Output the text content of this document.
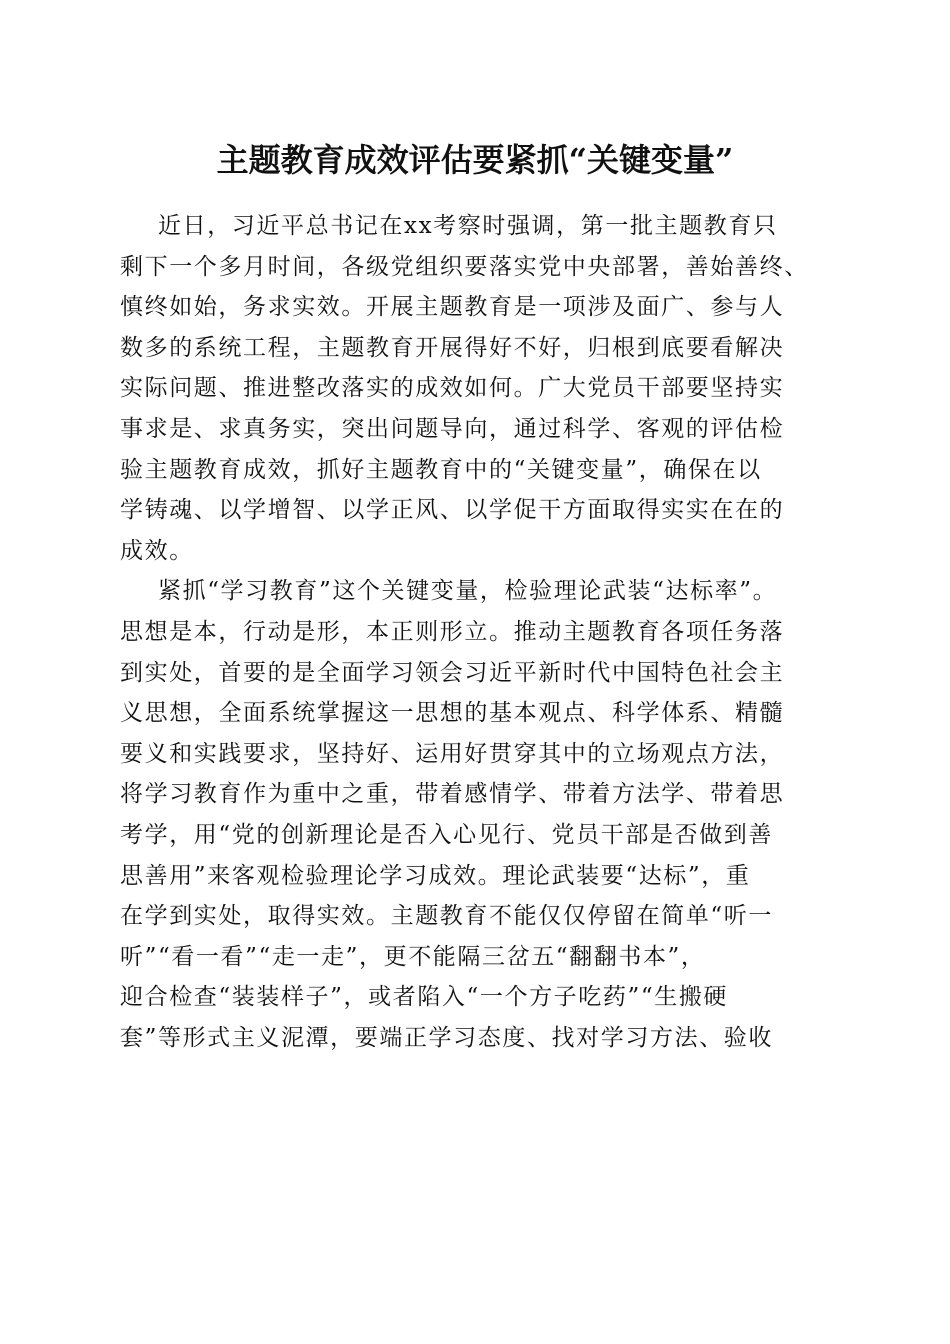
主题教育成效评估要紧抓“关键变量”
近日，习近平总书记在xx考察时强调，第一批主题教育只
剩下一个多月时间，各级党组织要落实党中央部署，善始善终、
慎终如始，务求实效。开展主题教育是一项涉及面广、参与人
数多的系统工程，主题教育开展得好不好，归根到底要看解决
实际问题、推进整改落实的成效如何。广大党员干部要坚持实
事求是、求真务实，突出问题导向，通过科学、客观的评估检
验主题教育成效，抓好主题教育中的“关键变量”，确保在以
学铸魂、以学增智、以学正风、以学促干方面取得实实在在的
成效。
紧抓“学习教育”这个关键变量，检验理论武装“达标率”。
思想是本，行动是形，本正则形立。推动主题教育各项任务落
到实处，首要的是全面学习领会习近平新时代中国特色社会主
义思想，全面系统掌握这一思想的基本观点、科学体系、精髓
要义和实践要求，坚持好、运用好贯穿其中的立场观点方法，
将学习教育作为重中之重，带着感情学、带着方法学、带着思
考学，用“党的创新理论是否入心见行、党员干部是否做到善
思善用”来客观检验理论学习成效。理论武装要“达标”，重
在学到实处，取得实效。主题教育不能仅仅停留在简单“听一
听”“看一看”“走一走”，更不能隔三岔五“翻翻书本”，
迎合检查“装装样子”，或者陷入“一个方子吃药”“生搬硬
套”等形式主义泥潭，要端正学习态度、找对学习方法、验收
